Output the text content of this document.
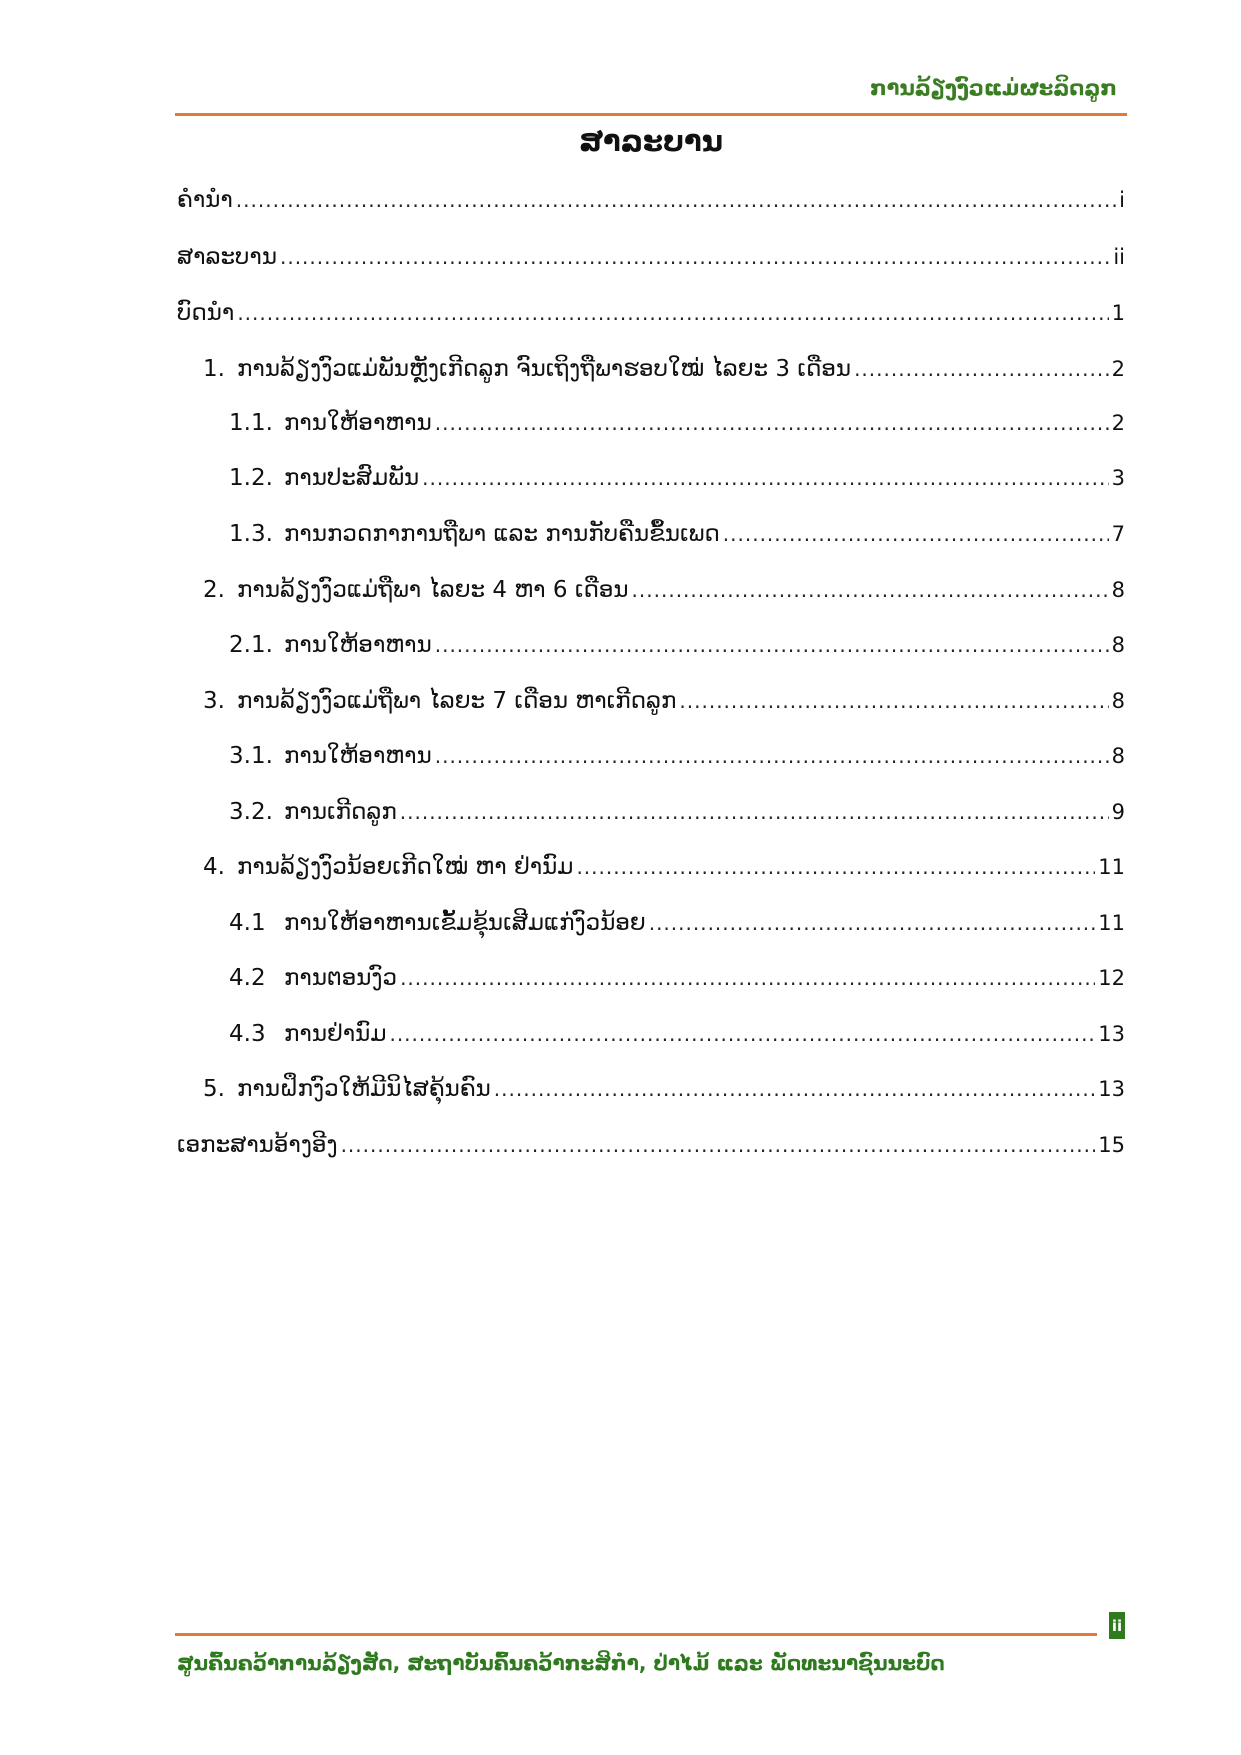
ການລ້ຽງງົວແມ່ຜະລິດລູກ
ສາລະບານ
ຄຳນຳ .....	i
ສາລະບານ .....	ii
ບົດນຳ .....	1
1. ການລ້ຽງງົວແມ່ພັນຫຼັງເກີດລູກ ຈົນເຖິງຖືພາຮອບໃໝ່ ໄລຍະ 3 ເດືອນ .....	2
1.1. ການໃຫ້ອາຫານ .....	2
1.2. ການປະສົມພັນ .....	3
1.3. ການກວດກາການຖືພາ ແລະ ການກັບຄືນຂຶ້ນເພດ .....	7
2. ການລ້ຽງງົວແມ່ຖືພາ ໄລຍະ 4 ຫາ 6 ເດືອນ .....	8
2.1. ການໃຫ້ອາຫານ .....	8
3. ການລ້ຽງງົວແມ່ຖືພາ ໄລຍະ 7 ເດືອນ ຫາເກີດລູກ .....	8
3.1. ການໃຫ້ອາຫານ .....	8
3.2. ການເກີດລູກ .....	9
4. ການລ້ຽງງົວນ້ອຍເກີດໃໝ່ ຫາ ຢ່ານົມ .....	11
4.1 ການໃຫ້ອາຫານເຂັ້ມຂຸ້ນເສີມແກ່ງົວນ້ອຍ .....	11
4.2 ການຕອນງົວ .....	12
4.3 ການຢ່ານົມ .....	13
5. ການຝຶກງົວໃຫ້ມີນິໄສຄຸ້ນຄົນ .....	13
ເອກະສານອ້າງອີງ .....	15
ii
ສູນຄົ້ນຄວ້າການລ້ຽງສັດ, ສະຖາບັນຄົ້ນຄວ້າກະສິກຳ, ປ່າໄມ້ ແລະ ພັດທະນາຊົນນະບົດ
